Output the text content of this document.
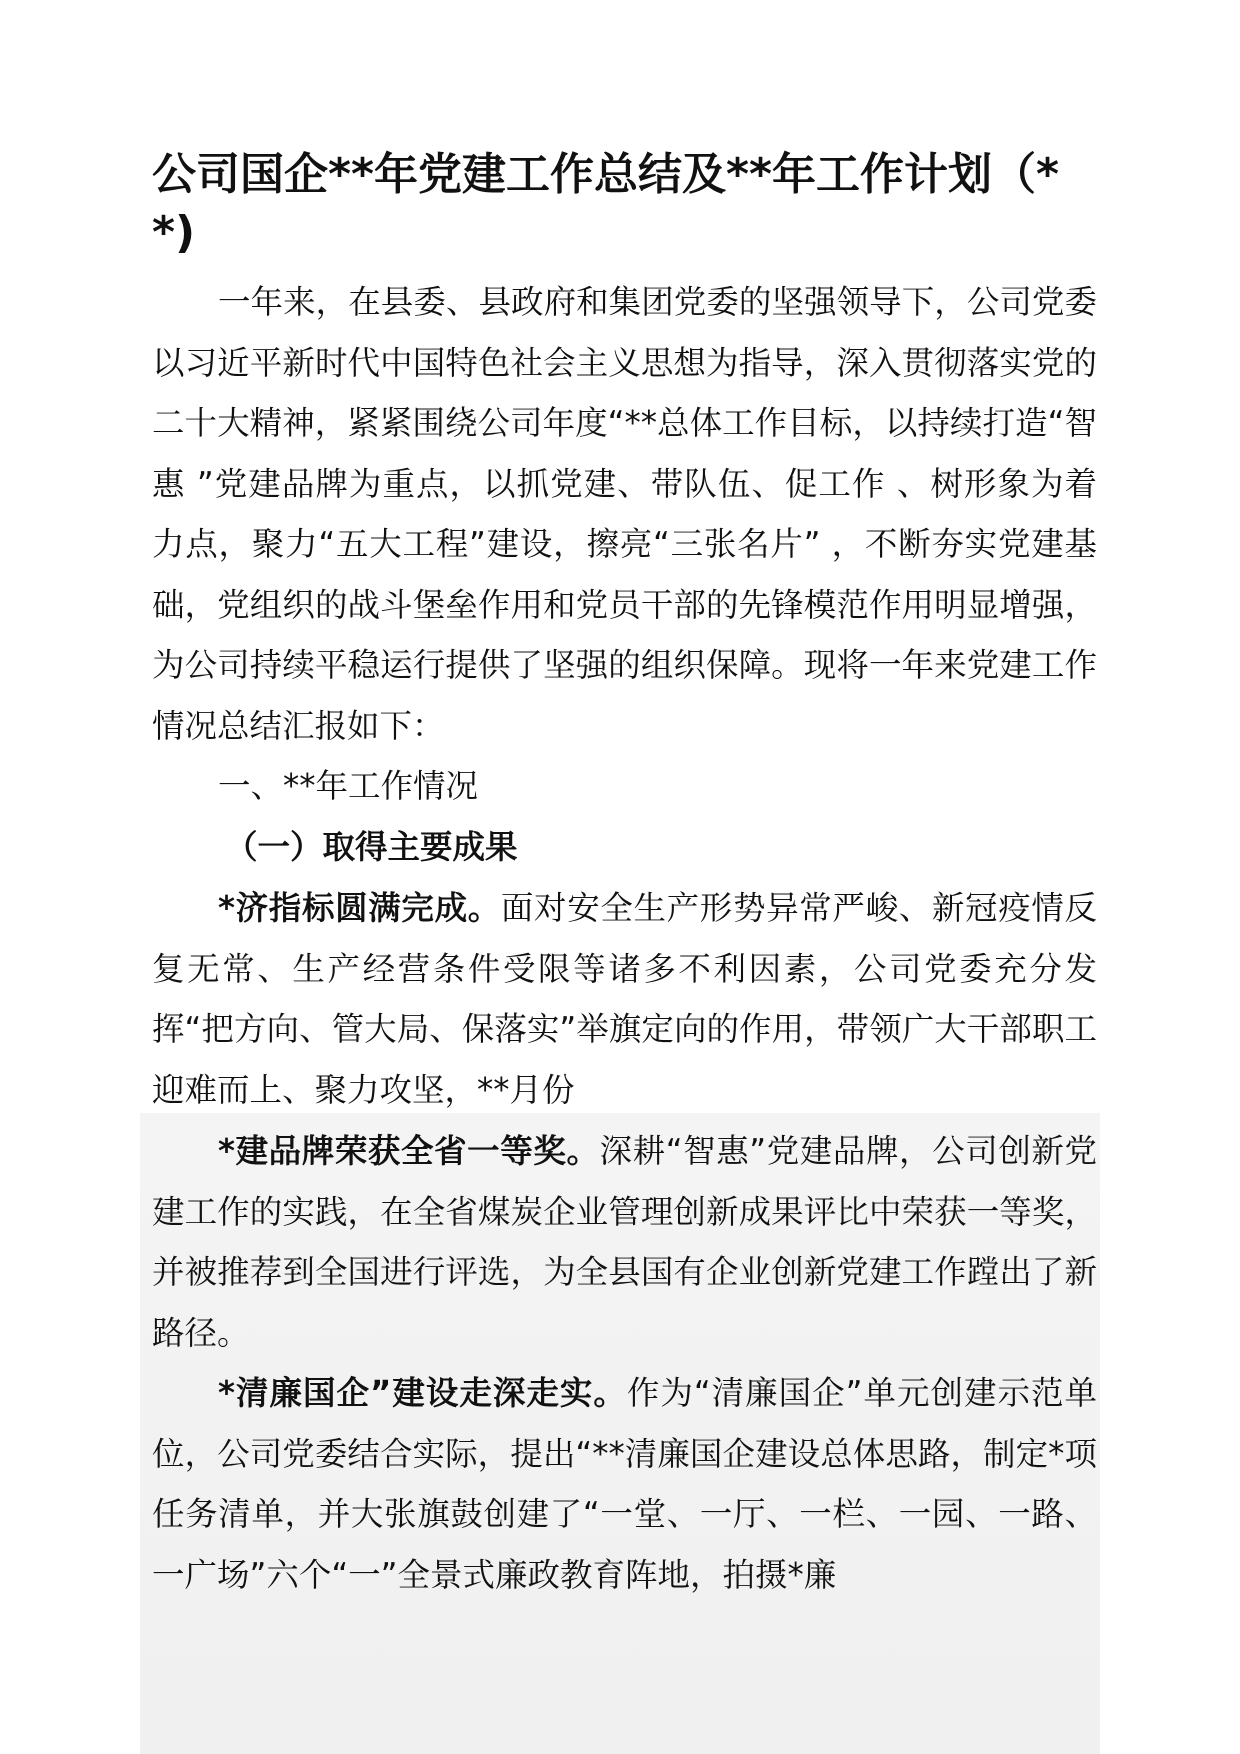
公司国企**年党建工作总结及**年工作计划（**)

一年来，在县委、县政府和集团党委的坚强领导下，公司党委以习近平新时代中国特色社会主义思想为指导，深入贯彻落实党的二十大精神，紧紧围绕公司年度“**总体工作目标，以持续打造“智惠 ”党建品牌为重点，以抓党建、带队伍、促工作 、树形象为着力点，聚力“五大工程”建设，擦亮“三张名片” ，不断夯实党建基础，党组织的战斗堡垒作用和党员干部的先锋模范作用明显增强，为公司持续平稳运行提供了坚强的组织保障。现将一年来党建工作情况总结汇报如下：

一、**年工作情况

（一）取得主要成果

*济指标圆满完成。面对安全生产形势异常严峻、新冠疫情反复无常、生产经营条件受限等诸多不利因素，公司党委充分发挥“把方向、管大局、保落实”举旗定向的作用，带领广大干部职工迎难而上、聚力攻坚，**月份

*建品牌荣获全省一等奖。深耕“智惠”党建品牌，公司创新党建工作的实践，在全省煤炭企业管理创新成果评比中荣获一等奖，并被推荐到全国进行评选，为全县国有企业创新党建工作蹚出了新路径。

*清廉国企”建设走深走实。作为“清廉国企”单元创建示范单位，公司党委结合实际，提出“**清廉国企建设总体思路，制定*项任务清单，并大张旗鼓创建了“一堂、一厅、一栏、一园、一路、一广场”六个“一”全景式廉政教育阵地，拍摄*廉
